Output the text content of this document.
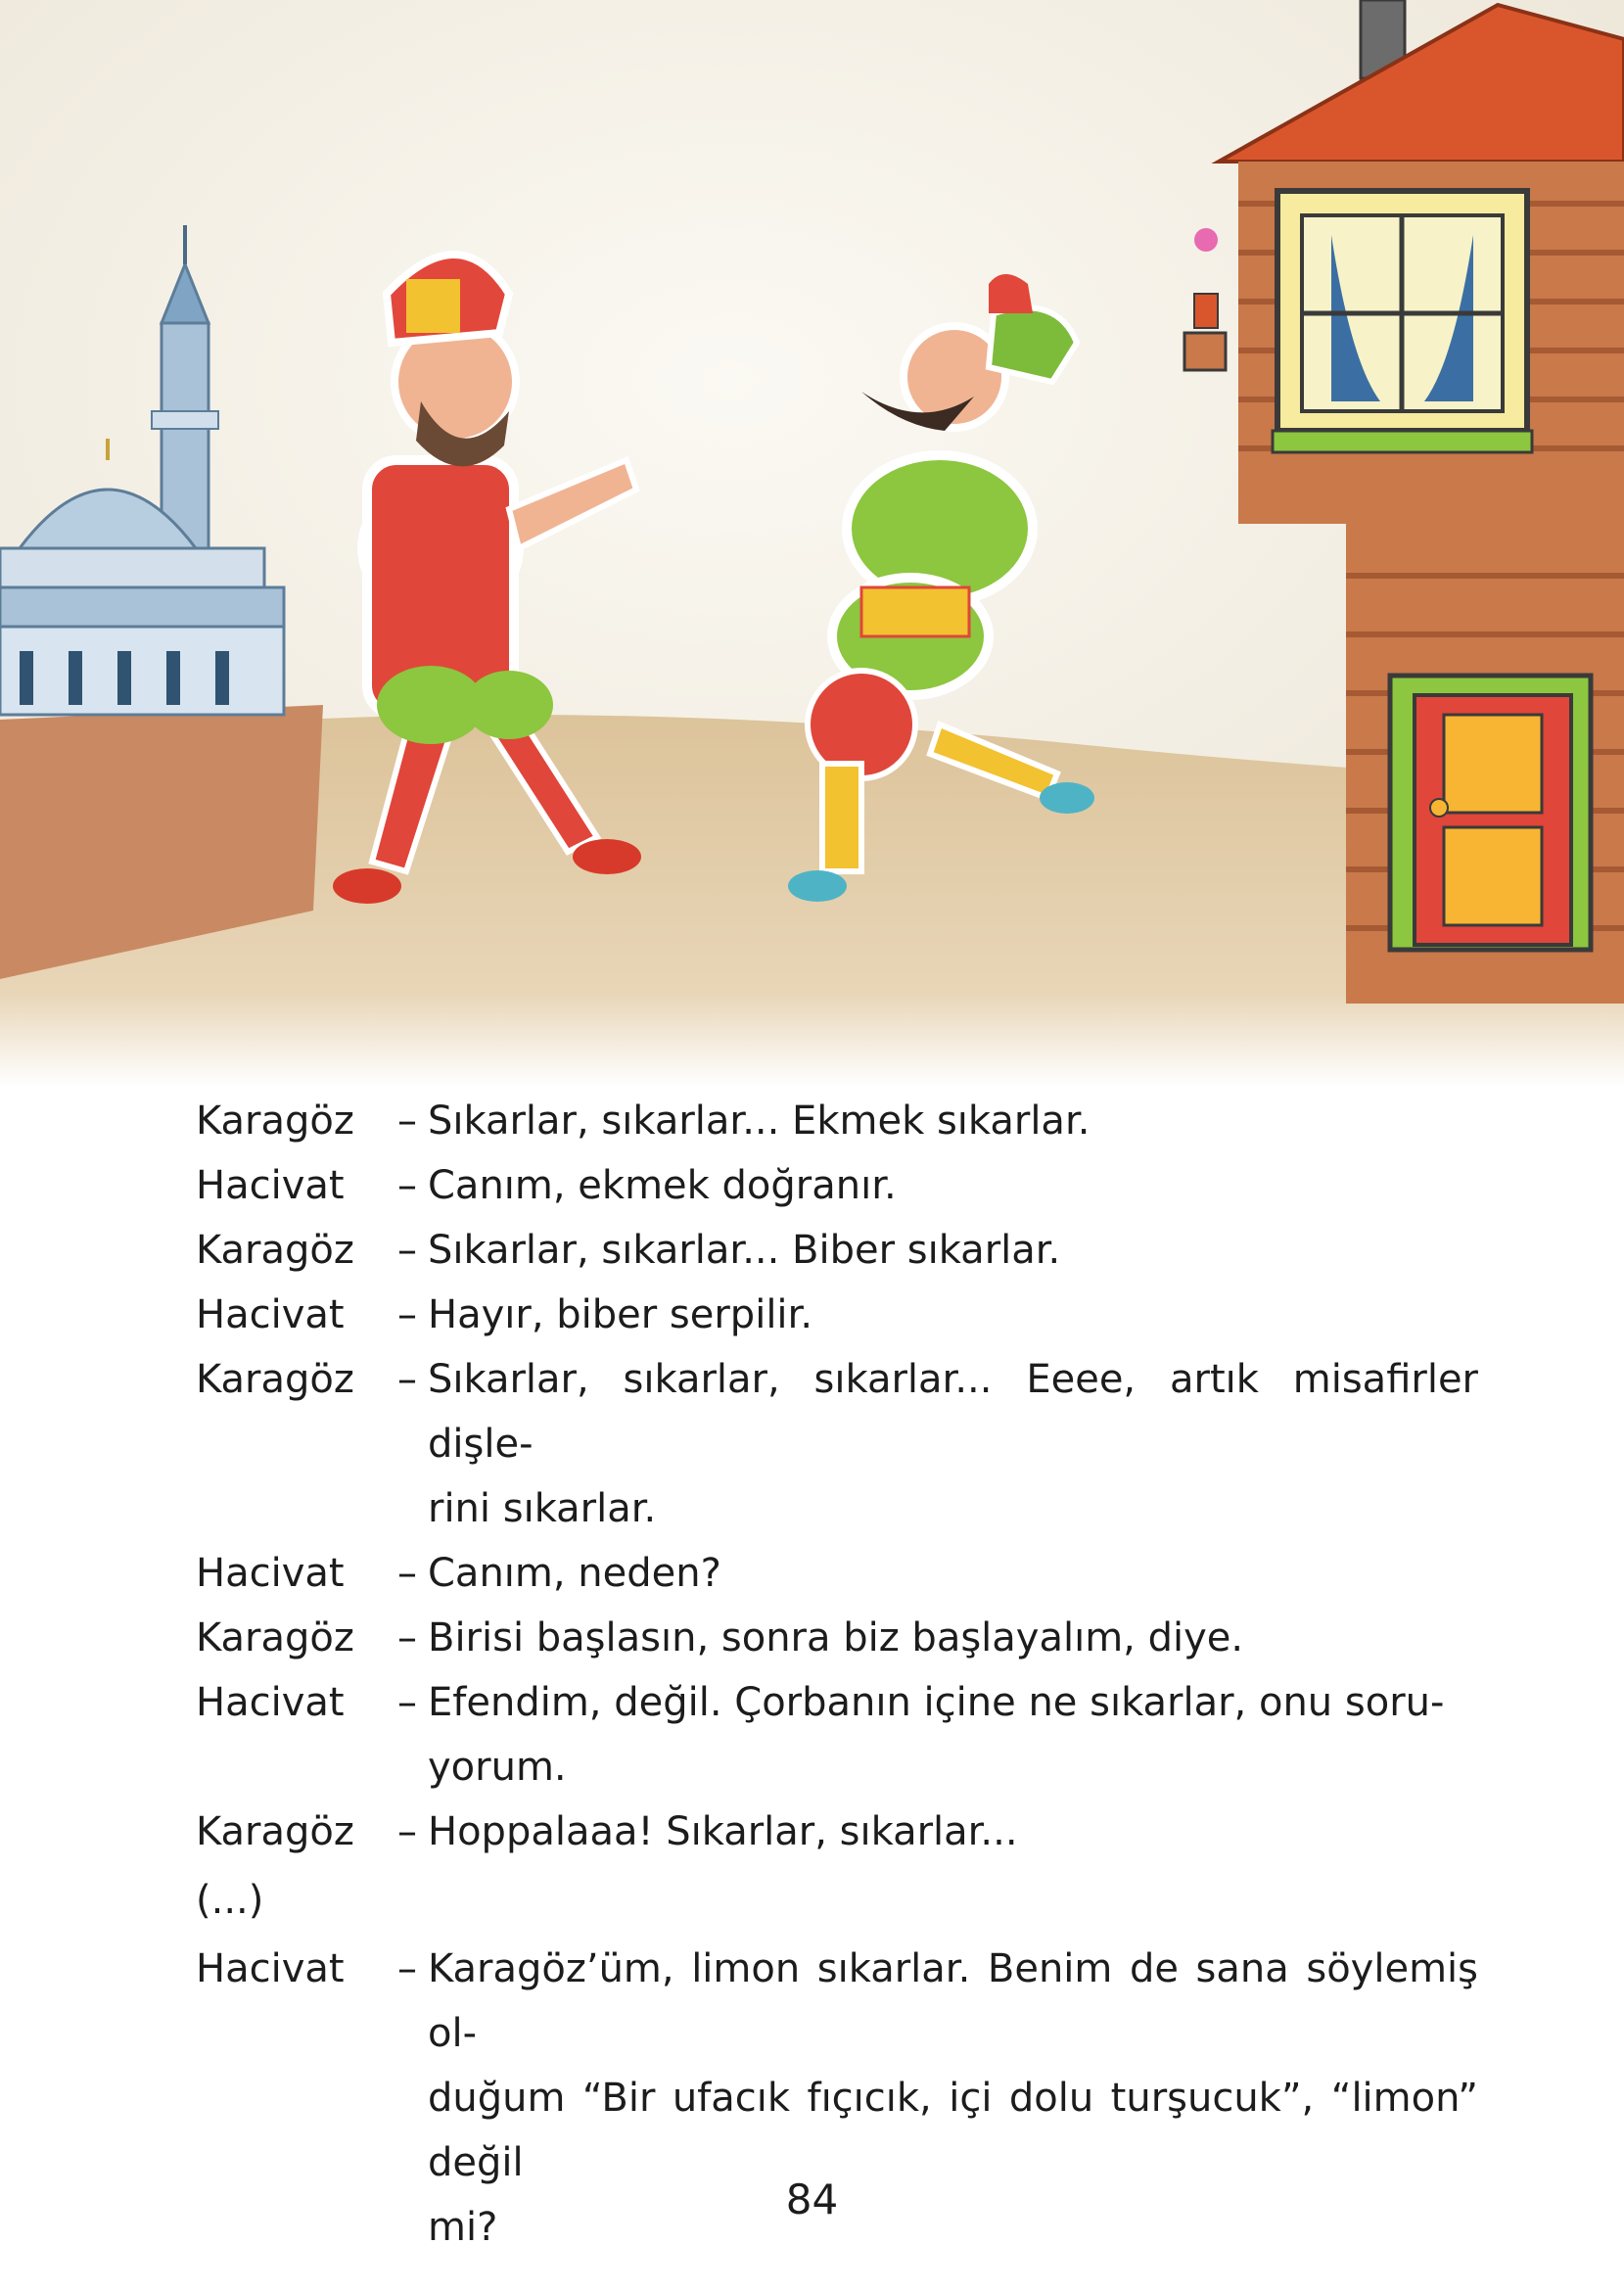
Karagöz	– Sıkarlar, sıkarlar... Ekmek sıkarlar.
Hacivat	– Canım, ekmek doğranır.
Karagöz	– Sıkarlar, sıkarlar... Biber sıkarlar.
Hacivat	– Hayır, biber serpilir.
Karagöz	– Sıkarlar, sıkarlar, sıkarlar... Eeee, artık misafirler dişle-
rini sıkarlar.
Hacivat	– Canım, neden?
Karagöz	– Birisi başlasın, sonra biz başlayalım, diye.
Hacivat	– Efendim, değil. Çorbanın içine ne sıkarlar, onu soru-
yorum.
Karagöz	– Hoppalaaa! Sıkarlar, sıkarlar...
(...)
Hacivat	– Karagöz’üm, limon sıkarlar. Benim de sana söylemiş ol-
duğum “Bir ufacık fıçıcık, içi dolu turşucuk”, “limon” değil
mi?
84
